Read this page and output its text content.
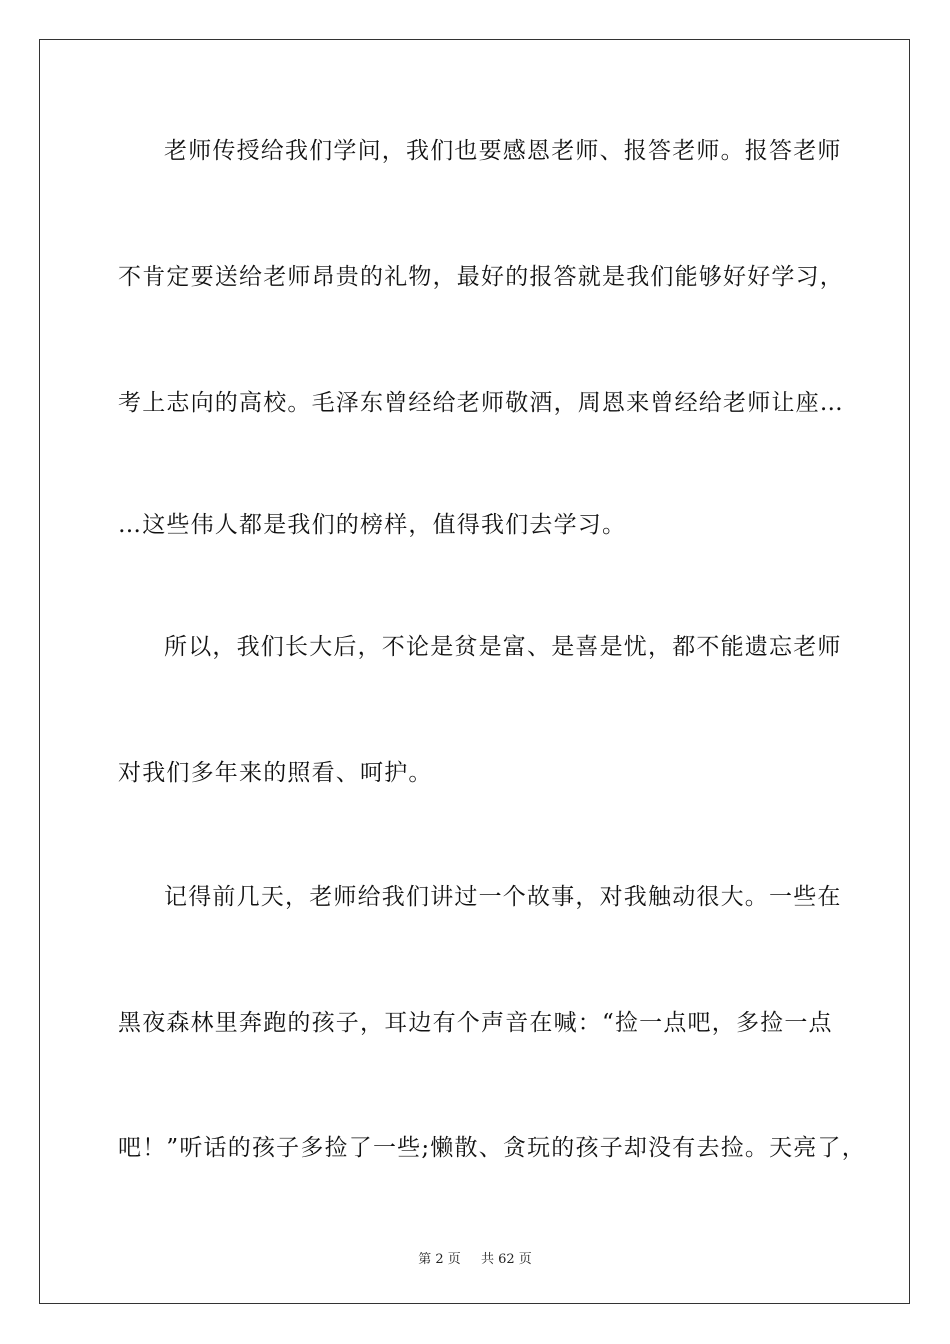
老师传授给我们学问，我们也要感恩老师、报答老师。报答老师
不肯定要送给老师昂贵的礼物，最好的报答就是我们能够好好学习，
考上志向的高校。毛泽东曾经给老师敬酒，周恩来曾经给老师让座…
…这些伟人都是我们的榜样，值得我们去学习。
所以，我们长大后，不论是贫是富、是喜是忧，都不能遗忘老师
对我们多年来的照看、呵护。
记得前几天，老师给我们讲过一个故事，对我触动很大。一些在
黑夜森林里奔跑的孩子，耳边有个声音在喊：“捡一点吧，多捡一点
吧！”听话的孩子多捡了一些;懒散、贪玩的孩子却没有去捡。天亮了，
第 2 页 共 62 页
